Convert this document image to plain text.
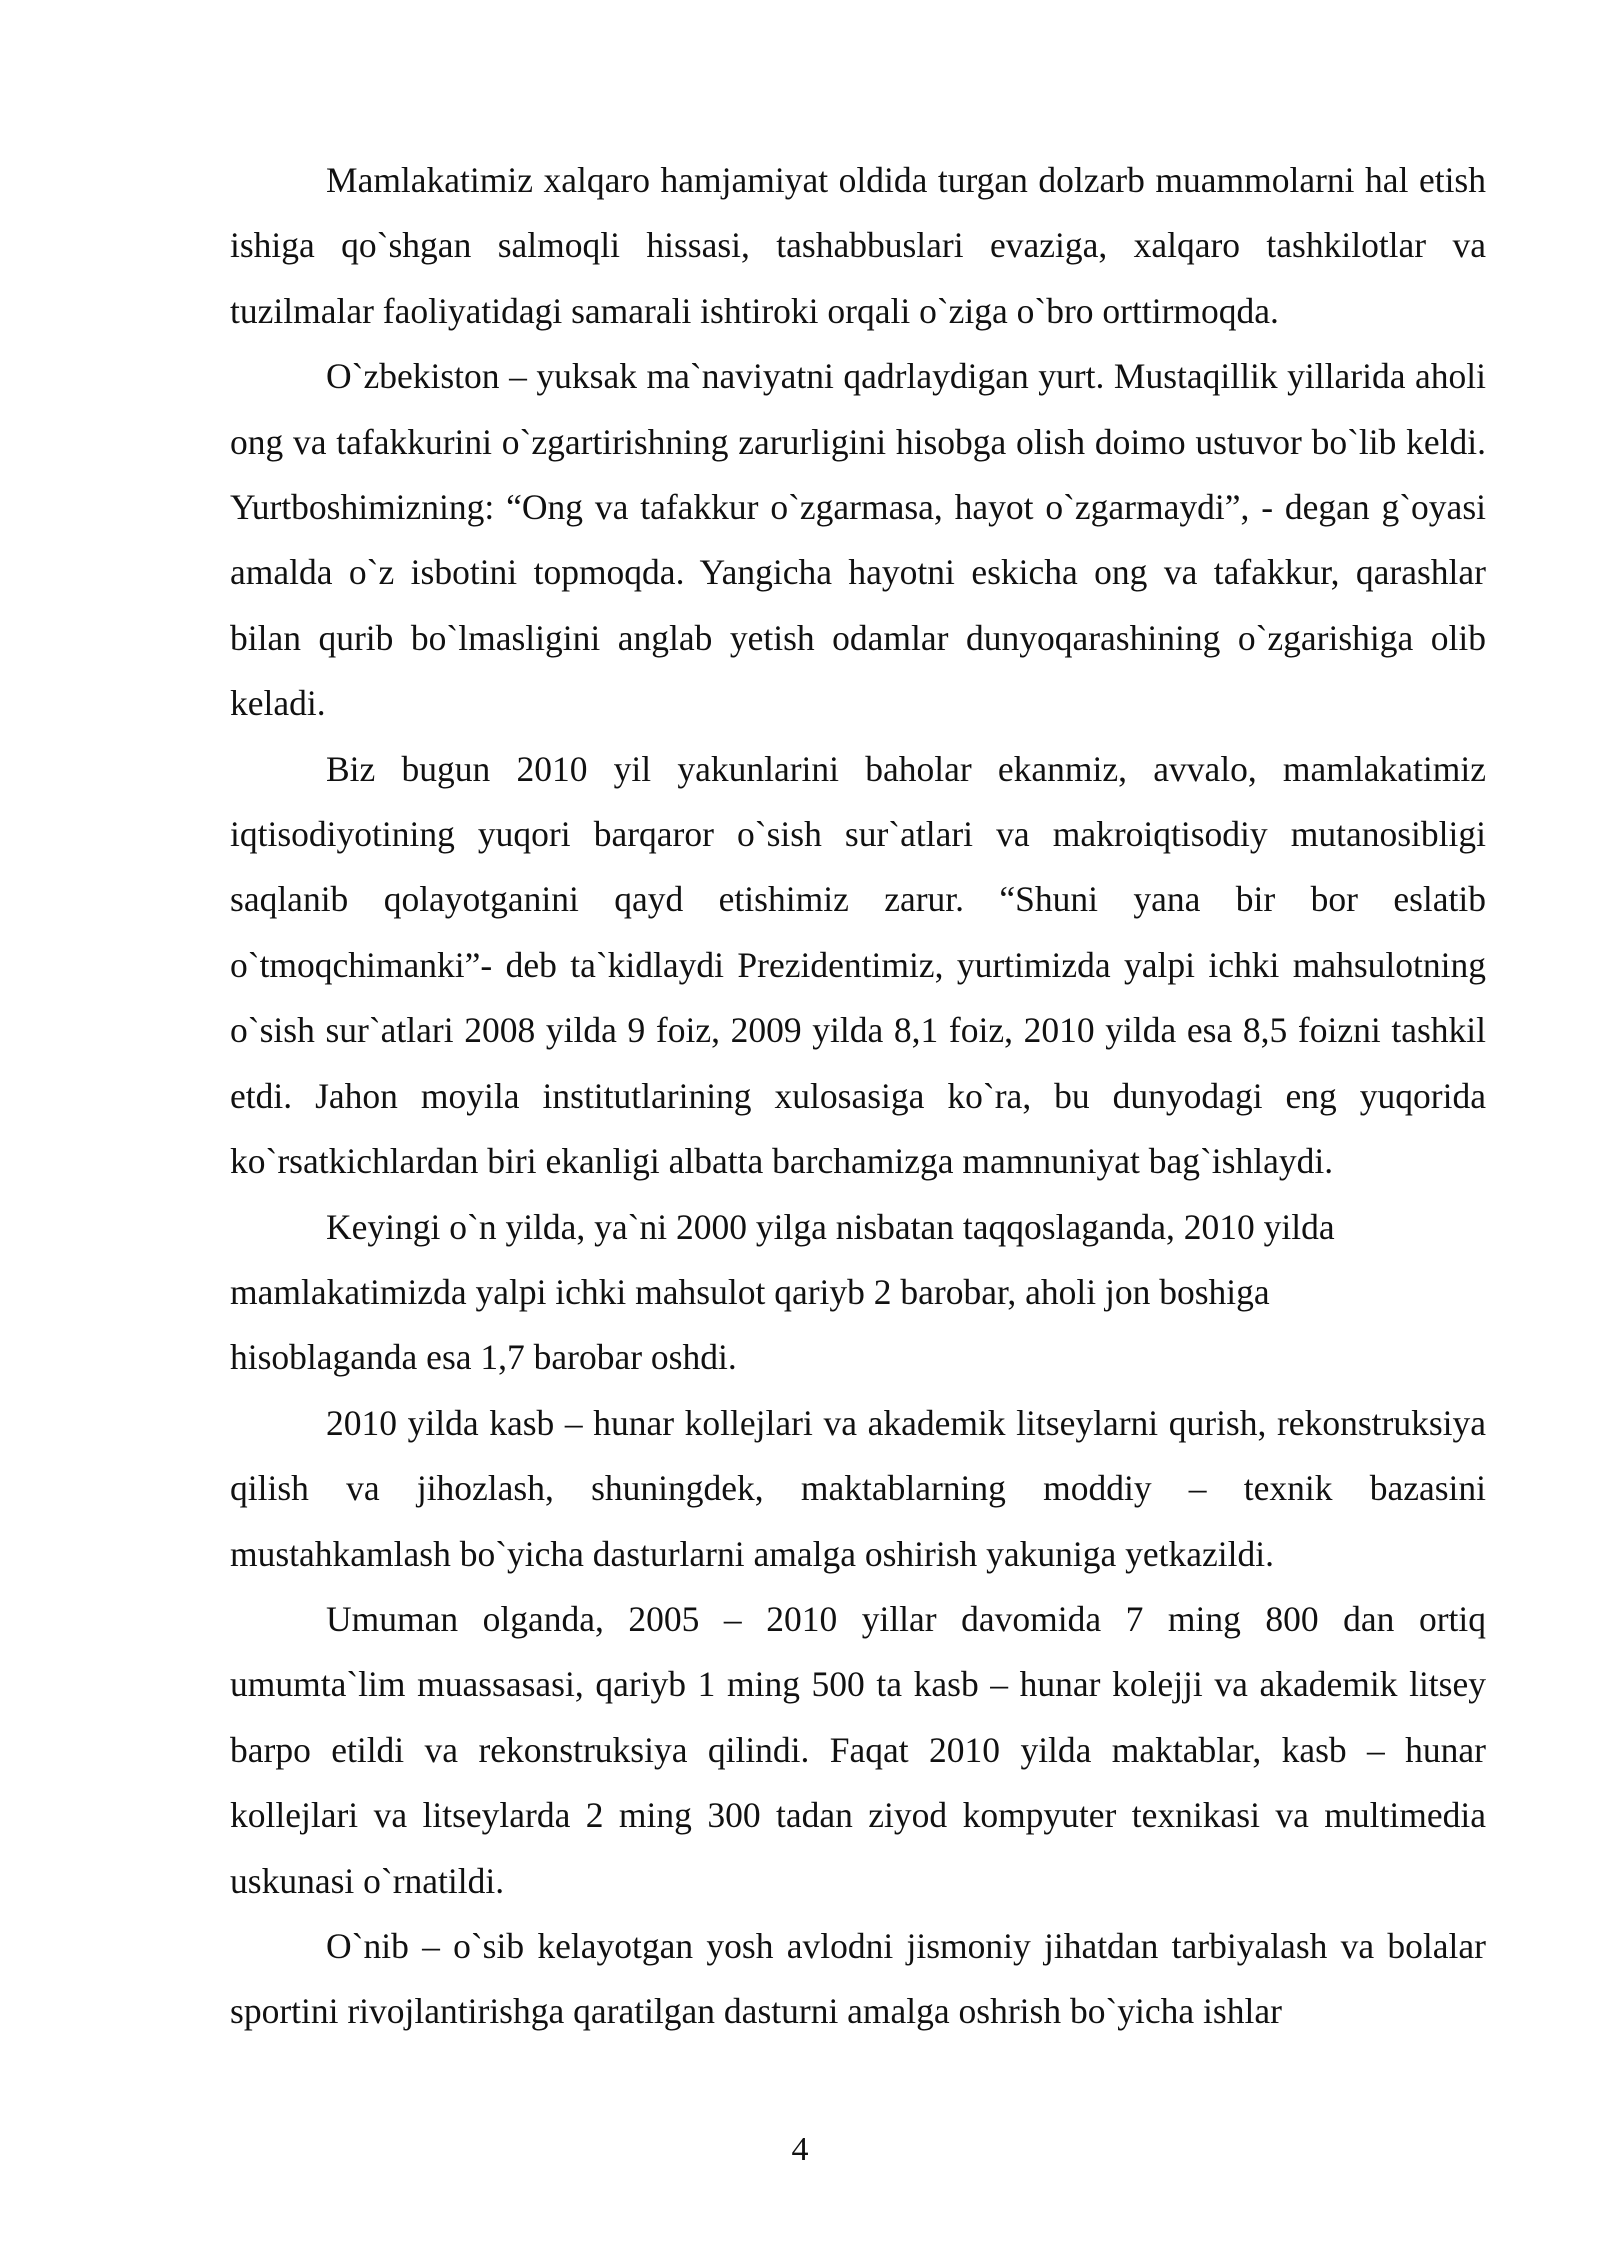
Mamlakatimiz xalqaro hamjamiyat oldida turgan dolzarb muammolarni hal etish ishiga qo`shgan salmoqli hissasi, tashabbuslari evaziga, xalqaro tashkilotlar va tuzilmalar faoliyatidagi samarali ishtiroki orqali o`ziga o`bro orttirmoqda.

O`zbekiston – yuksak ma`naviyatni qadrlaydigan yurt. Mustaqillik yillarida aholi ong va tafakkurini o`zgartirishning zarurligini hisobga olish doimo ustuvor bo`lib keldi. Yurtboshimizning: “Ong va tafakkur o`zgarmasa, hayot o`zgarmaydi”, - degan g`oyasi amalda o`z isbotini topmoqda. Yangicha hayotni eskicha ong va tafakkur, qarashlar bilan qurib bo`lmasligini anglab yetish odamlar dunyoqarashining o`zgarishiga olib keladi.

Biz bugun 2010 yil yakunlarini baholar ekanmiz, avvalo, mamlakatimiz iqtisodiyotining yuqori barqaror o`sish sur`atlari va makroiqtisodiy mutanosibligi saqlanib qolayotganini qayd etishimiz zarur. “Shuni yana bir bor eslatib o`tmoqchimanki”- deb ta`kidlaydi Prezidentimiz, yurtimizda yalpi ichki mahsulotning o`sish sur`atlari 2008 yilda 9 foiz, 2009 yilda 8,1 foiz, 2010 yilda esa 8,5 foizni tashkil etdi. Jahon moyila institutlarining xulosasiga ko`ra, bu dunyodagi eng yuqorida ko`rsatkichlardan biri ekanligi albatta barchamizga mamnuniyat bag`ishlaydi.

Keyingi o`n yilda, ya`ni 2000 yilga nisbatan taqqoslaganda, 2010 yilda mamlakatimizda yalpi ichki mahsulot qariyb 2 barobar, aholi jon boshiga

hisoblaganda esa 1,7 barobar oshdi.

2010 yilda kasb – hunar kollejlari va akademik litseylarni qurish, rekonstruksiya qilish va jihozlash, shuningdek, maktablarning moddiy – texnik bazasini mustahkamlash bo`yicha dasturlarni amalga oshirish yakuniga yetkazildi.

Umuman olganda, 2005 – 2010 yillar davomida 7 ming 800 dan ortiq umumta`lim muassasasi, qariyb 1 ming 500 ta kasb – hunar kolejji va akademik litsey barpo etildi va rekonstruksiya qilindi. Faqat 2010 yilda maktablar, kasb – hunar kollejlari va litseylarda 2 ming 300 tadan ziyod kompyuter texnikasi va multimedia uskunasi o`rnatildi.

O`nib – o`sib kelayotgan yosh avlodni jismoniy jihatdan tarbiyalash va bolalar sportini rivojlantirishga qaratilgan dasturni amalga oshrish bo`yicha ishlar

4
